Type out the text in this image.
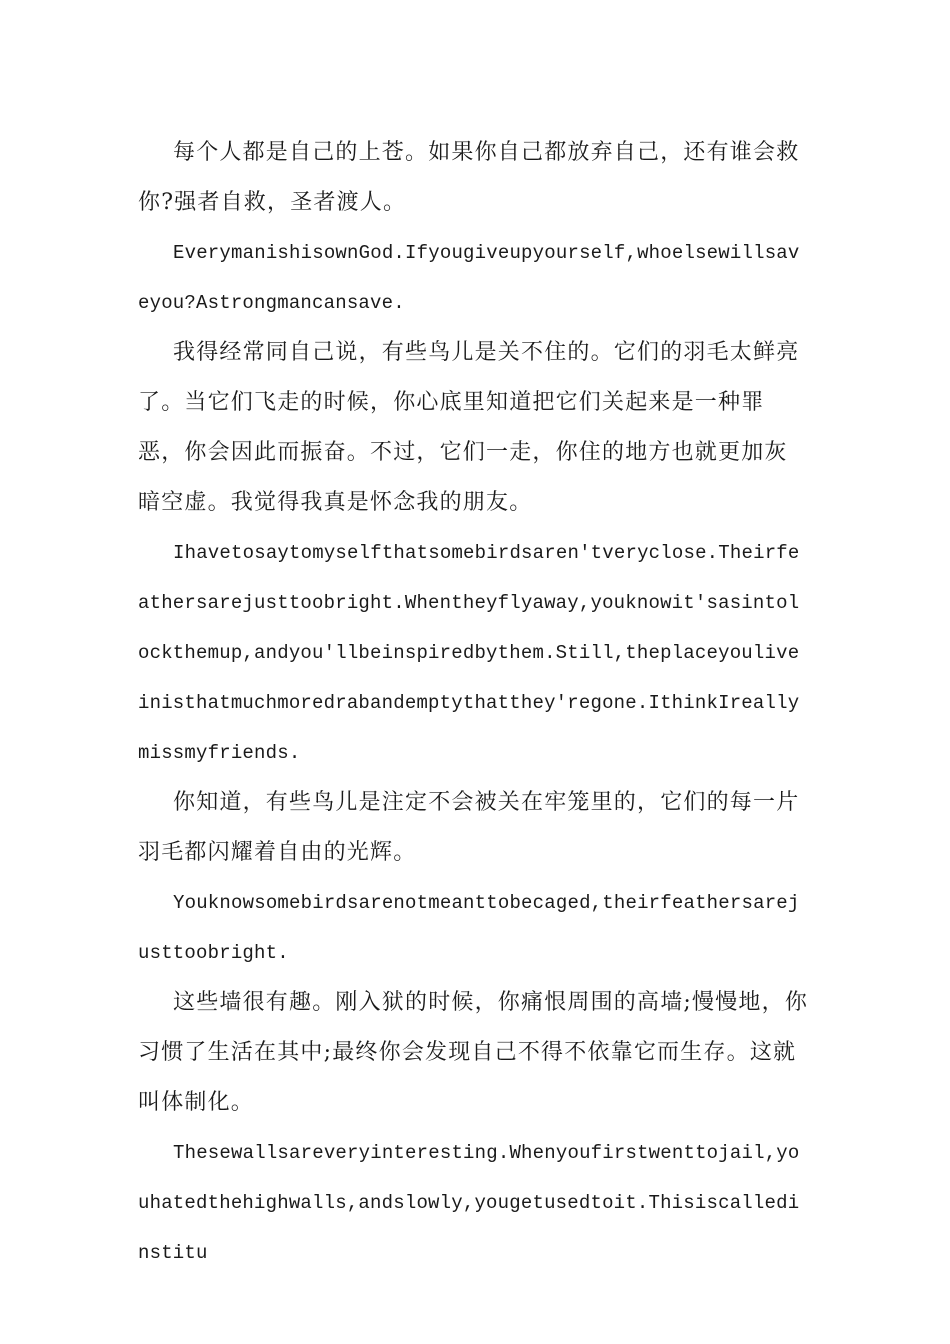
每个人都是自己的上苍。如果你自己都放弃自己，还有谁会救你?强者自救，圣者渡人。

EverymanishisownGod.Ifyougiveupyourself,whoelsewillsaveyou?Astrongmancansave.

我得经常同自己说，有些鸟儿是关不住的。它们的羽毛太鲜亮了。当它们飞走的时候，你心底里知道把它们关起来是一种罪恶，你会因此而振奋。不过，它们一走，你住的地方也就更加灰暗空虚。我觉得我真是怀念我的朋友。

Ihavetosaytomyselfthatsomebirdsaren'tveryclose.Theirfeathersarejusttoobright.Whentheyflyaway,youknowit'sasintolockthemup,andyou'llbeinspiredbythem.Still,theplaceyouliveinisthatmuchmoredrabandemptythatthey'regone.IthinkIreallymissmyfriends.

你知道，有些鸟儿是注定不会被关在牢笼里的，它们的每一片羽毛都闪耀着自由的光辉。

Youknowsomebirdsarenotmeanttobecaged,theirfeathersarejusttoobright.

这些墙很有趣。刚入狱的时候，你痛恨周围的高墙;慢慢地，你习惯了生活在其中;最终你会发现自己不得不依靠它而生存。这就叫体制化。

Thesewallsareveryinteresting.Whenyoufirstwenttojail,youhatedthehighwalls,andslowly,yougetusedtoit.Thisiscalledinstitu
